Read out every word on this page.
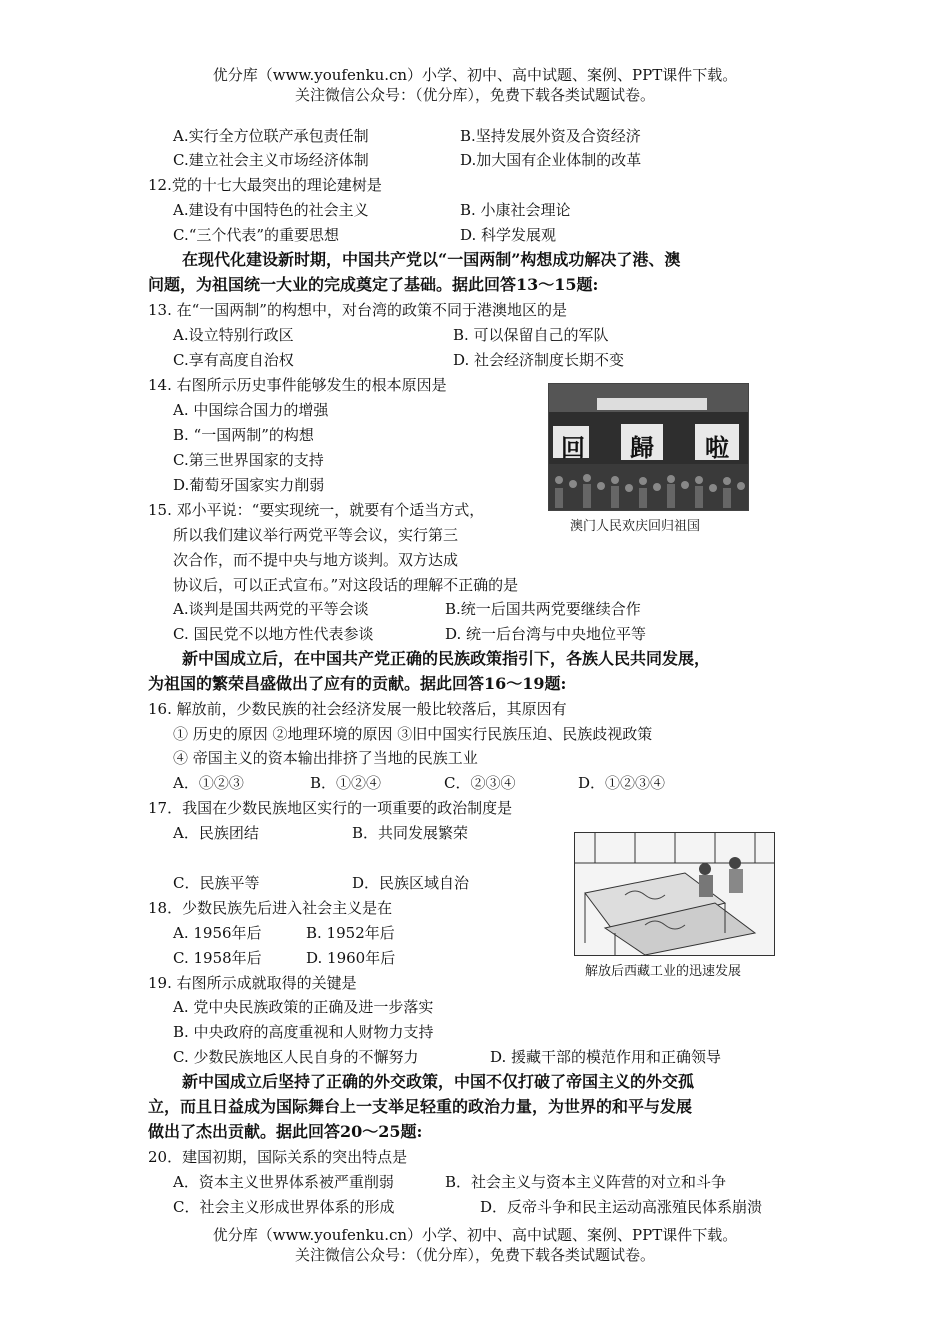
优分库（www.youfenku.cn）小学、初中、高中试题、案例、PPT课件下载。
关注微信公众号：（优分库），免费下载各类试题试卷。
A.实行全方位联产承包责任制	B.坚持发展外资及合资经济
C.建立社会主义市场经济体制	D.加大国有企业体制的改革
12.党的十七大最突出的理论建树是
A.建设有中国特色的社会主义	B. 小康社会理论
C.“三个代表”的重要思想	D. 科学发展观
在现代化建设新时期，中国共产党以“一国两制”构想成功解决了港、澳
问题，为祖国统一大业的完成奠定了基础。据此回答13～15题:
13. 在“一国两制”的构想中，对台湾的政策不同于港澳地区的是
A.设立特别行政区	B. 可以保留自己的军队
C.享有高度自治权	D. 社会经济制度长期不变
14. 右图所示历史事件能够发生的根本原因是
A. 中国综合国力的增强
B. “一国两制”的构想
C.第三世界国家的支持
D.葡萄牙国家实力削弱
回 歸 啦
澳门人民欢庆回归祖国
15. 邓小平说：“要实现统一，就要有个适当方式，
所以我们建议举行两党平等会议，实行第三
次合作，而不提中央与地方谈判。双方达成
协议后，可以正式宣布。”对这段话的理解不正确的是
A.谈判是国共两党的平等会谈	B.统一后国共两党要继续合作
C. 国民党不以地方性代表参谈	D. 统一后台湾与中央地位平等
新中国成立后，在中国共产党正确的民族政策指引下，各族人民共同发展，
为祖国的繁荣昌盛做出了应有的贡献。据此回答16～19题:
16. 解放前，少数民族的社会经济发展一般比较落后，其原因有
① 历史的原因 ②地理环境的原因 ③旧中国实行民族压迫、民族歧视政策
④ 帝国主义的资本输出排挤了当地的民族工业
A．①②③	B．①②④	C．②③④	D．①②③④
17．我国在少数民族地区实行的一项重要的政治制度是
A．民族团结	B．共同发展繁荣
C．民族平等	D．民族区域自治
解放后西藏工业的迅速发展
18．少数民族先后进入社会主义是在
A. 1956年后	B. 1952年后
C. 1958年后	D. 1960年后
19. 右图所示成就取得的关键是
A. 党中央民族政策的正确及进一步落实
B. 中央政府的高度重视和人财物力支持
C. 少数民族地区人民自身的不懈努力	D. 援藏干部的模范作用和正确领导
新中国成立后坚持了正确的外交政策，中国不仅打破了帝国主义的外交孤
立，而且日益成为国际舞台上一支举足轻重的政治力量，为世界的和平与发展
做出了杰出贡献。据此回答20～25题:
20．建国初期，国际关系的突出特点是
A．资本主义世界体系被严重削弱	B．社会主义与资本主义阵营的对立和斗争
C．社会主义形成世界体系的形成	D．反帝斗争和民主运动高涨殖民体系崩溃
优分库（www.youfenku.cn）小学、初中、高中试题、案例、PPT课件下载。
关注微信公众号：（优分库），免费下载各类试题试卷。
